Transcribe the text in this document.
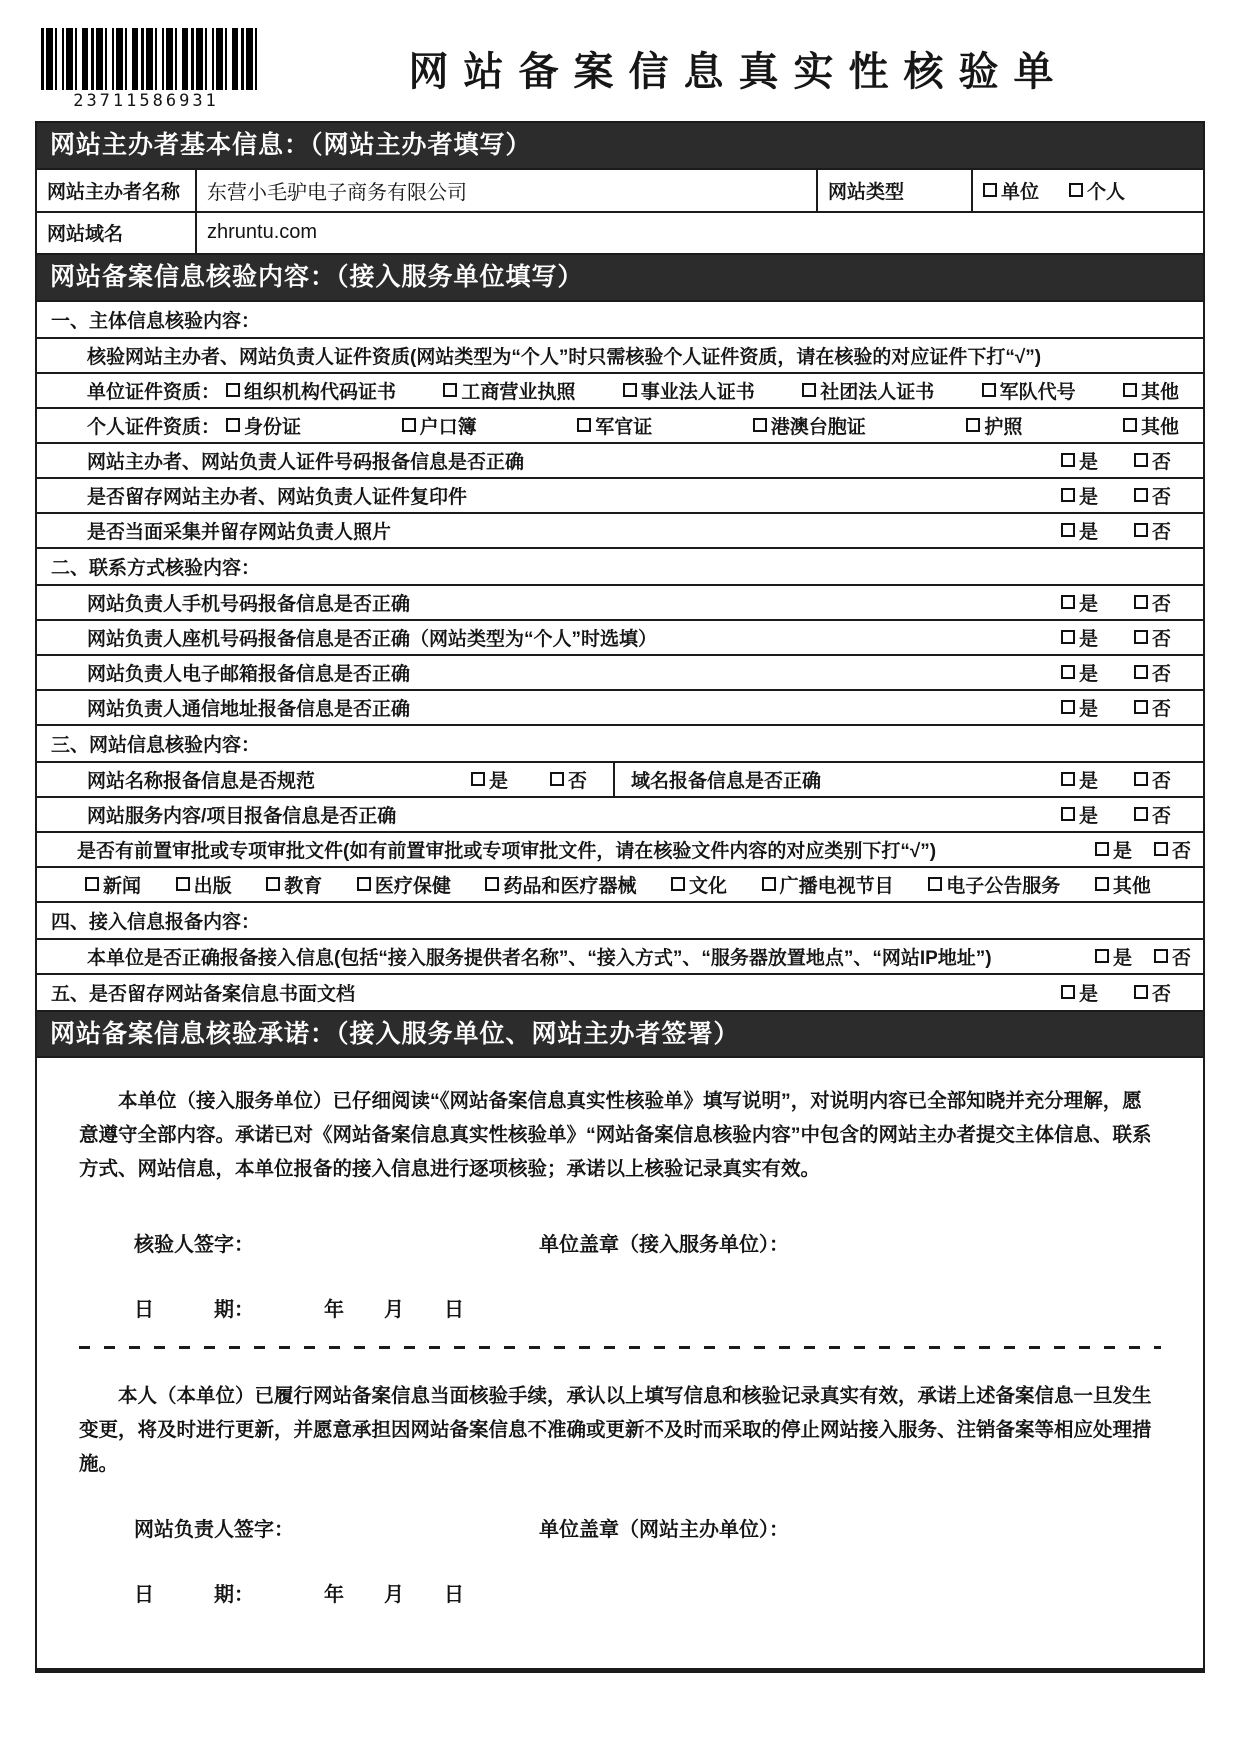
23711586931
网站备案信息真实性核验单
网站主办者基本信息：（网站主办者填写）
网站主办者名称	东营小毛驴电子商务有限公司	网站类型	单位	个人
网站域名	zhruntu.com
网站备案信息核验内容：（接入服务单位填写）
一、主体信息核验内容：
核验网站主办者、网站负责人证件资质(网站类型为“个人”时只需核验个人证件资质，请在核验的对应证件下打“√”)
单位证件资质： 组织机构代码证书	工商营业执照	事业法人证书	社团法人证书	军队代号	其他
个人证件资质： 身份证	户口簿	军官证	港澳台胞证	护照	其他
网站主办者、网站负责人证件号码报备信息是否正确	是	否
是否留存网站主办者、网站负责人证件复印件	是	否
是否当面采集并留存网站负责人照片	是	否
二、联系方式核验内容：
网站负责人手机号码报备信息是否正确	是	否
网站负责人座机号码报备信息是否正确（网站类型为“个人”时选填）	是	否
网站负责人电子邮箱报备信息是否正确	是	否
网站负责人通信地址报备信息是否正确	是	否
三、网站信息核验内容：
网站名称报备信息是否规范	是	否 域名报备信息是否正确	是	否
网站服务内容/项目报备信息是否正确	是	否
是否有前置审批或专项审批文件(如有前置审批或专项审批文件，请在核验文件内容的对应类别下打“√”)	是 否
新闻	出版	教育	医疗保健	药品和医疗器械	文化	广播电视节目	电子公告服务	其他
四、接入信息报备内容：
本单位是否正确报备接入信息(包括“接入服务提供者名称”、“接入方式”、“服务器放置地点”、“网站IP地址”)	是 否
五、是否留存网站备案信息书面文档	是	否
网站备案信息核验承诺：（接入服务单位、网站主办者签署）

本单位（接入服务单位）已仔细阅读“《网站备案信息真实性核验单》填写说明”，对说明内容已全部知晓并充分理解，愿意遵守全部内容。承诺已对《网站备案信息真实性核验单》“网站备案信息核验内容”中包含的网站主办者提交主体信息、联系方式、网站信息，本单位报备的接入信息进行逐项核验；承诺以上核验记录真实有效。

核验人签字：	单位盖章（接入服务单位）：
日　　　期：　　　　年　　月　　日

本人（本单位）已履行网站备案信息当面核验手续，承认以上填写信息和核验记录真实有效，承诺上述备案信息一旦发生变更，将及时进行更新，并愿意承担因网站备案信息不准确或更新不及时而采取的停止网站接入服务、注销备案等相应处理措施。

网站负责人签字：	单位盖章（网站主办单位）：
日　　　期：　　　　年　　月　　日
